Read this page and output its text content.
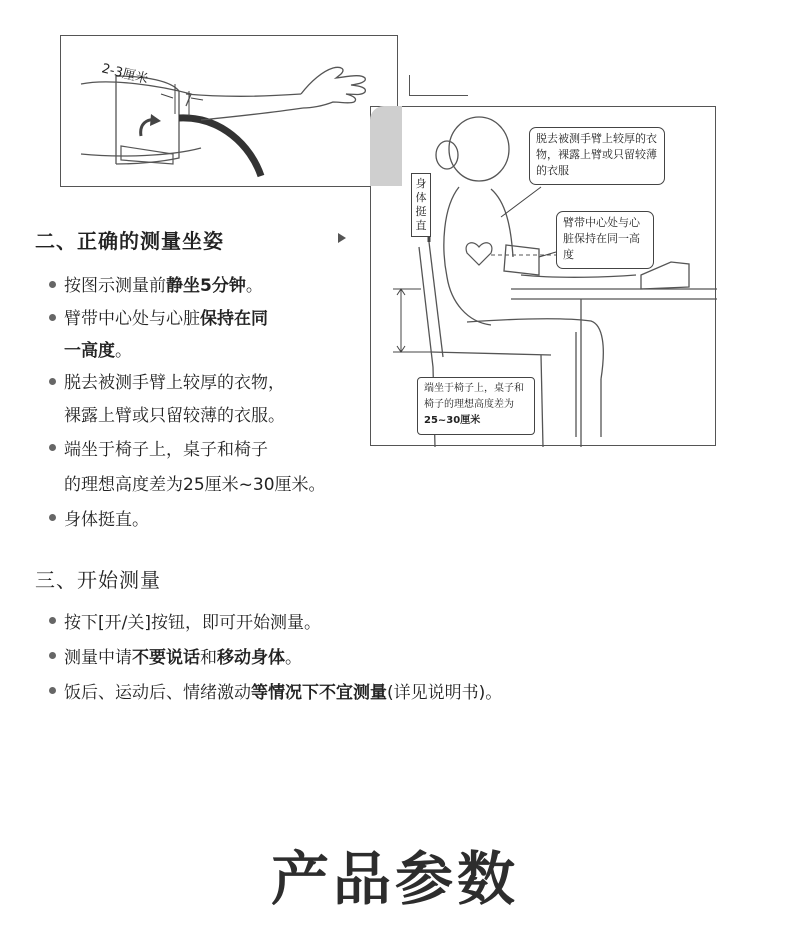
2-3厘米
脱去被测手臂上较厚的衣物，裸露上臂或只留较薄的衣服
臂带中心处与心脏保持在同一高度
身体挺直
端坐于椅子上，桌子和椅子的理想高度差为25~30厘米
二、正确的测量坐姿
按图示测量前静坐5分钟。
臂带中心处与心脏保持在同
一高度。
脱去被测手臂上较厚的衣物，
裸露上臂或只留较薄的衣服。
端坐于椅子上，桌子和椅子
的理想高度差为25厘米~30厘米。
身体挺直。
三、开始测量
按下[开/关]按钮，即可开始测量。
测量中请不要说话和移动身体。
饭后、运动后、情绪激动等情况下不宜测量(详见说明书)。
产品参数
